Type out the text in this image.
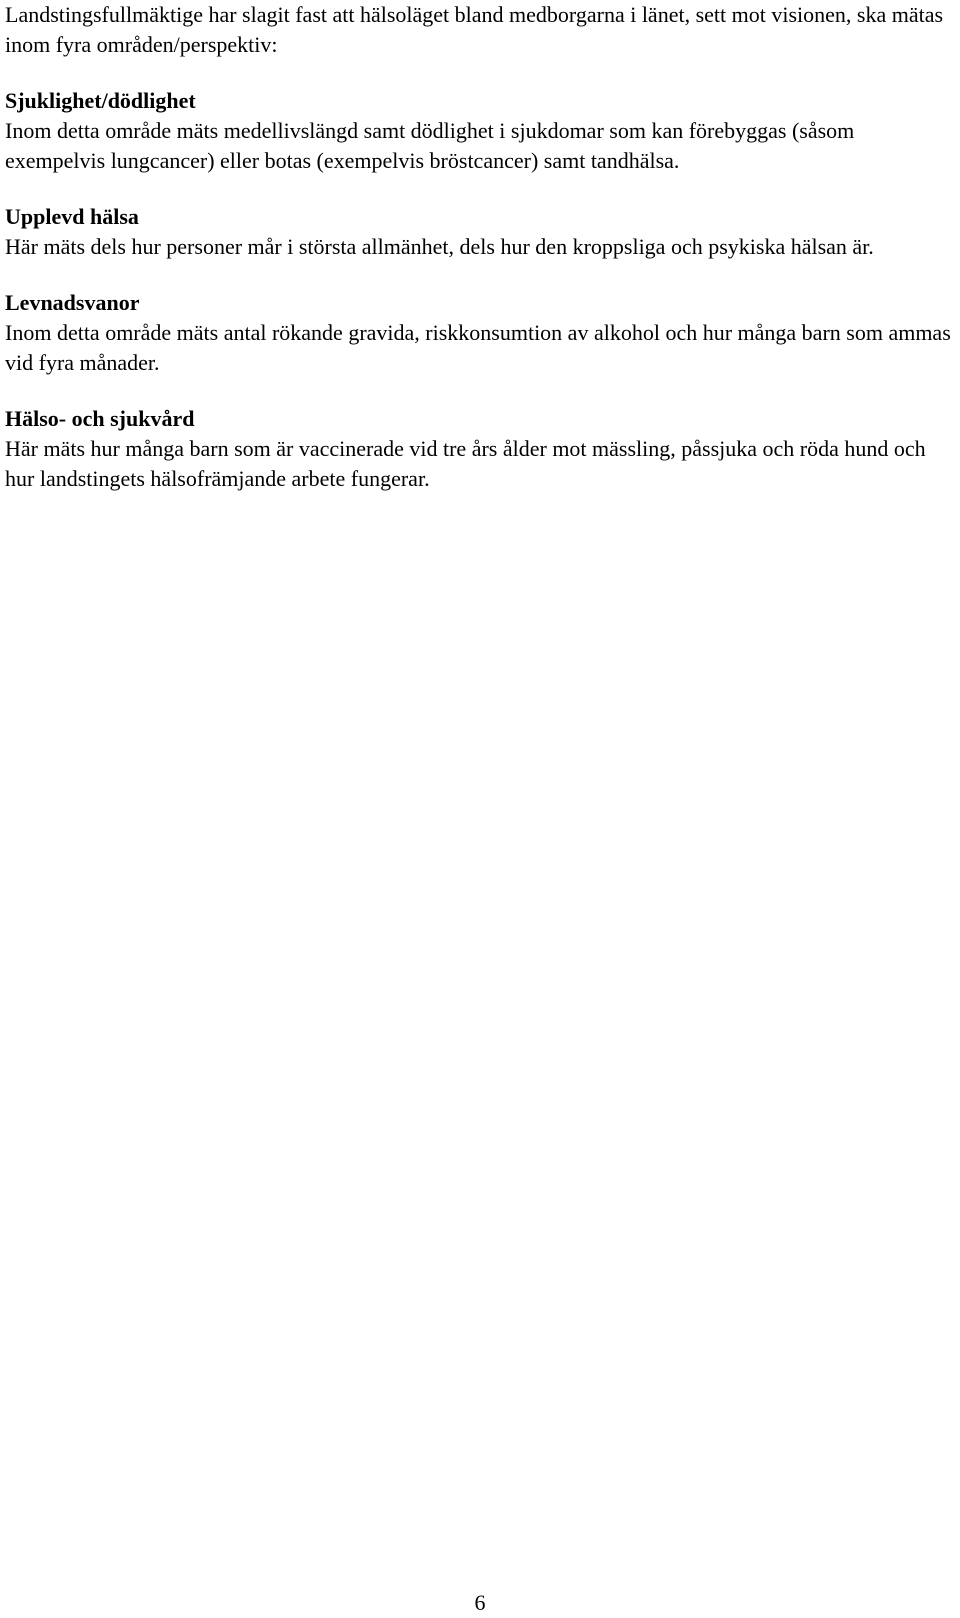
Landstingsfullmäktige har slagit fast att hälsoläget bland medborgarna i länet, sett mot visionen, ska mätas inom fyra områden/perspektiv:

Sjuklighet/dödlighet
Inom detta område mäts medellivslängd samt dödlighet i sjukdomar som kan förebyggas (såsom exempelvis lungcancer) eller botas (exempelvis bröstcancer) samt tandhälsa.
Upplevd hälsa
Här mäts dels hur personer mår i största allmänhet, dels hur den kroppsliga och psykiska hälsan är.
Levnadsvanor
Inom detta område mäts antal rökande gravida, riskkonsumtion av alkohol och hur många barn som ammas vid fyra månader.
Hälso- och sjukvård
Här mäts hur många barn som är vaccinerade vid tre års ålder mot mässling, påssjuka och röda hund och hur landstingets hälsofrämjande arbete fungerar.
6
